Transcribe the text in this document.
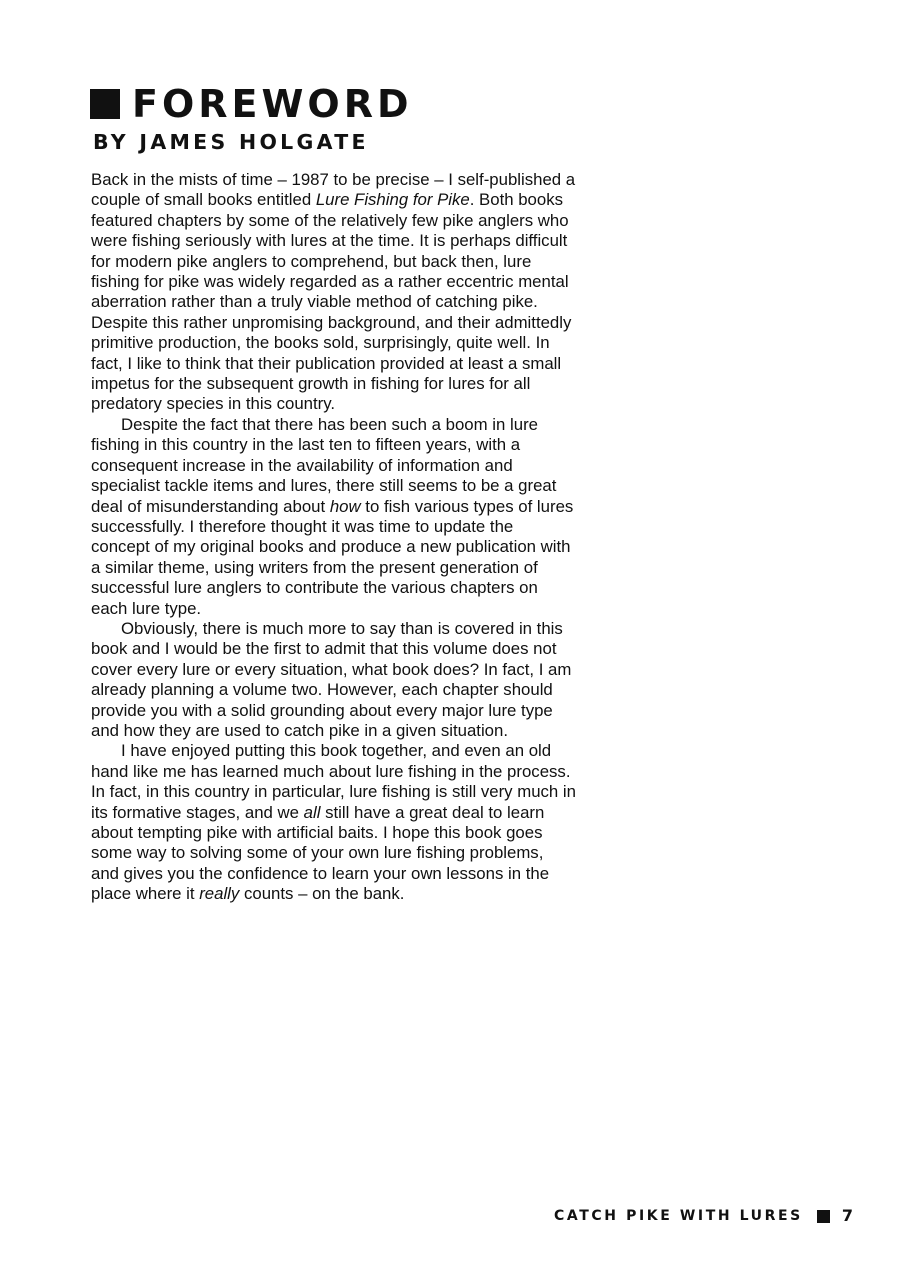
FOREWORD
BY JAMES HOLGATE

Back in the mists of time – 1987 to be precise – I self-published a couple of small books entitled Lure Fishing for Pike. Both books featured chapters by some of the relatively few pike anglers who were fishing seriously with lures at the time. It is perhaps difficult for modern pike anglers to comprehend, but back then, lure fishing for pike was widely regarded as a rather eccentric mental aberration rather than a truly viable method of catching pike. Despite this rather unpromising background, and their admittedly primitive production, the books sold, surprisingly, quite well. In fact, I like to think that their publication provided at least a small impetus for the subsequent growth in fishing for lures for all predatory species in this country.

Despite the fact that there has been such a boom in lure fishing in this country in the last ten to fifteen years, with a consequent increase in the availability of information and specialist tackle items and lures, there still seems to be a great deal of misunderstanding about how to fish various types of lures successfully. I therefore thought it was time to update the concept of my original books and produce a new publication with a similar theme, using writers from the present generation of successful lure anglers to contribute the various chapters on each lure type.

Obviously, there is much more to say than is covered in this book and I would be the first to admit that this volume does not cover every lure or every situation, what book does? In fact, I am already planning a volume two. However, each chapter should provide you with a solid grounding about every major lure type and how they are used to catch pike in a given situation.

I have enjoyed putting this book together, and even an old hand like me has learned much about lure fishing in the process. In fact, in this country in particular, lure fishing is still very much in its formative stages, and we all still have a great deal to learn about tempting pike with artificial baits. I hope this book goes some way to solving some of your own lure fishing problems, and gives you the confidence to learn your own lessons in the place where it really counts – on the bank.

CATCH PIKE WITH LURES 7
